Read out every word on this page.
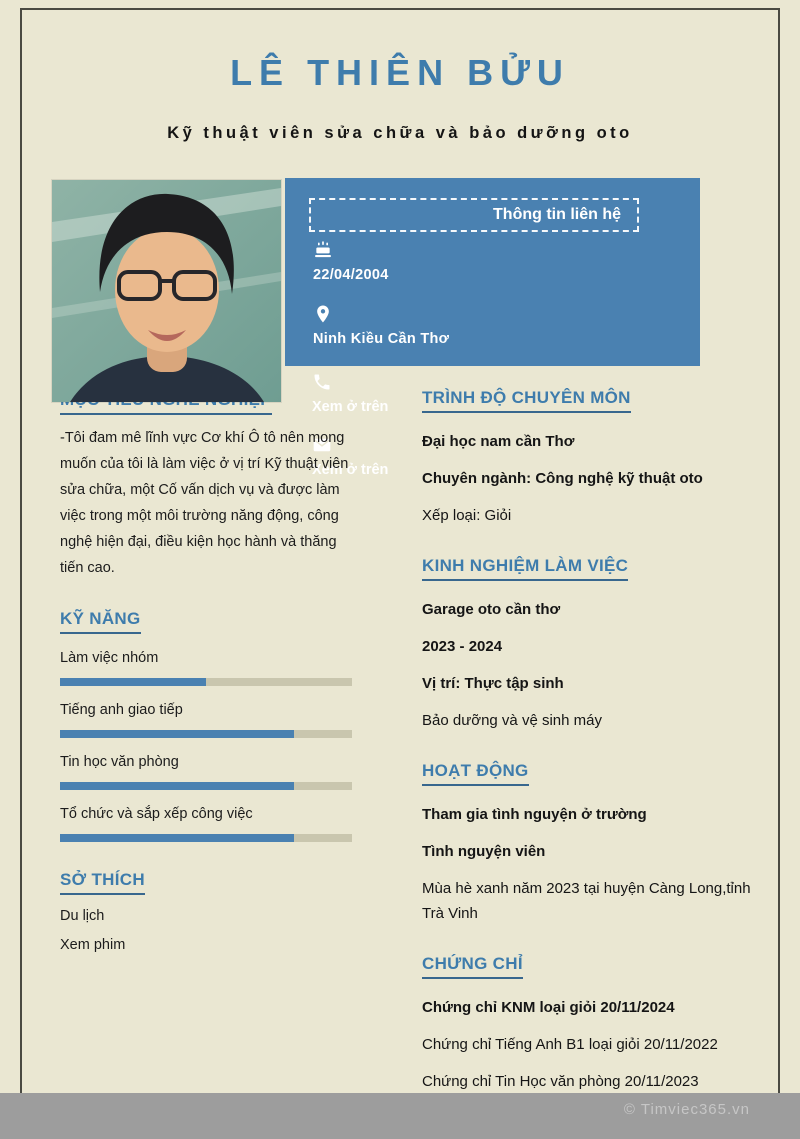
LÊ THIÊN BỬU
Kỹ thuật viên sửa chữa và bảo dưỡng oto
Thông tin liên hệ
22/04/2004
Ninh Kiều Cần Thơ
Xem ở trên
Xem ở trên
-Tôi đam mê lĩnh vực Cơ khí Ô tô nên mong muốn của tôi là làm việc ở vị trí Kỹ thuật viên sửa chữa, một Cố vấn dịch vụ và được làm việc trong một môi trường năng động, công nghệ hiện đại, điều kiện học hành và thăng tiến cao.
KỸ NĂNG
Làm việc nhóm
Tiếng anh giao tiếp
Tin học văn phòng
Tổ chức và sắp xếp công việc
SỞ THÍCH
Du lịch
Xem phim
TRÌNH ĐỘ CHUYÊN MÔN
Đại học nam cần Thơ
Chuyên ngành: Công nghệ kỹ thuật oto
Xếp loại: Giỏi
KINH NGHIỆM LÀM VIỆC
Garage oto cần thơ
2023 - 2024
Vị trí: Thực tập sinh
Bảo dưỡng và vệ sinh máy
HOẠT ĐỘNG
Tham gia tình nguyện ở trường
Tình nguyện viên
Mùa hè xanh năm 2023 tại huyện Càng Long,tỉnh Trà Vinh
CHỨNG CHỈ
Chứng chỉ KNM loại giỏi 20/11/2024
Chứng chỉ Tiếng Anh B1 loại giỏi 20/11/2022
Chứng chỉ Tin Học văn phòng 20/11/2023
© Timviec365.vn
